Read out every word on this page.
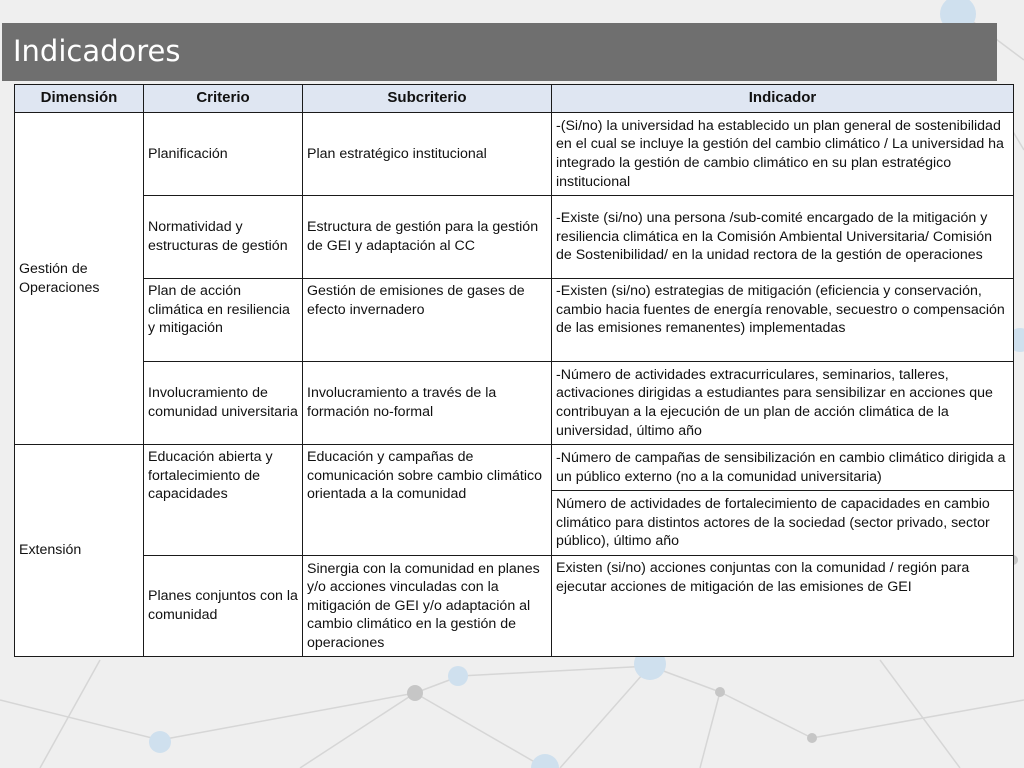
Indicadores
Dimensión	Criterio	Subcriterio	Indicador
Gestión de Operaciones	Planificación	Plan estratégico institucional	-(Si/no) la universidad ha establecido un plan general de sostenibilidad en el cual se incluye la gestión del cambio climático / La universidad ha integrado la gestión de cambio climático en su plan estratégico institucional
	Normatividad y estructuras de gestión	Estructura de gestión para la gestión de GEI y adaptación al CC	-Existe (si/no) una persona /sub-comité encargado de la mitigación y resiliencia climática en la Comisión Ambiental Universitaria/ Comisión de Sostenibilidad/ en la unidad rectora de la gestión de operaciones
	Plan de acción climática en resiliencia y mitigación	Gestión de emisiones de gases de efecto invernadero	-Existen (si/no) estrategias de mitigación (eficiencia y conservación, cambio hacia fuentes de energía renovable, secuestro o compensación de las emisiones remanentes) implementadas
	Involucramiento de comunidad universitaria	Involucramiento a través de la formación no-formal	-Número de actividades extracurriculares, seminarios, talleres, activaciones dirigidas a estudiantes para sensibilizar en acciones que contribuyan a la ejecución de un plan de acción climática de la universidad, último año
Extensión	Educación abierta y fortalecimiento de capacidades	Educación y campañas de comunicación sobre cambio climático orientada a la comunidad	-Número de campañas de sensibilización en cambio climático dirigida a un público externo (no a la comunidad universitaria)
			Número de actividades de fortalecimiento de capacidades en cambio climático para distintos actores de la sociedad (sector privado, sector público), último año
	Planes conjuntos con la comunidad	Sinergia con la comunidad en planes y/o acciones vinculadas con la mitigación de GEI y/o adaptación al cambio climático en la gestión de operaciones	Existen (si/no) acciones conjuntas con la comunidad / región para ejecutar acciones de mitigación de las emisiones de GEI
